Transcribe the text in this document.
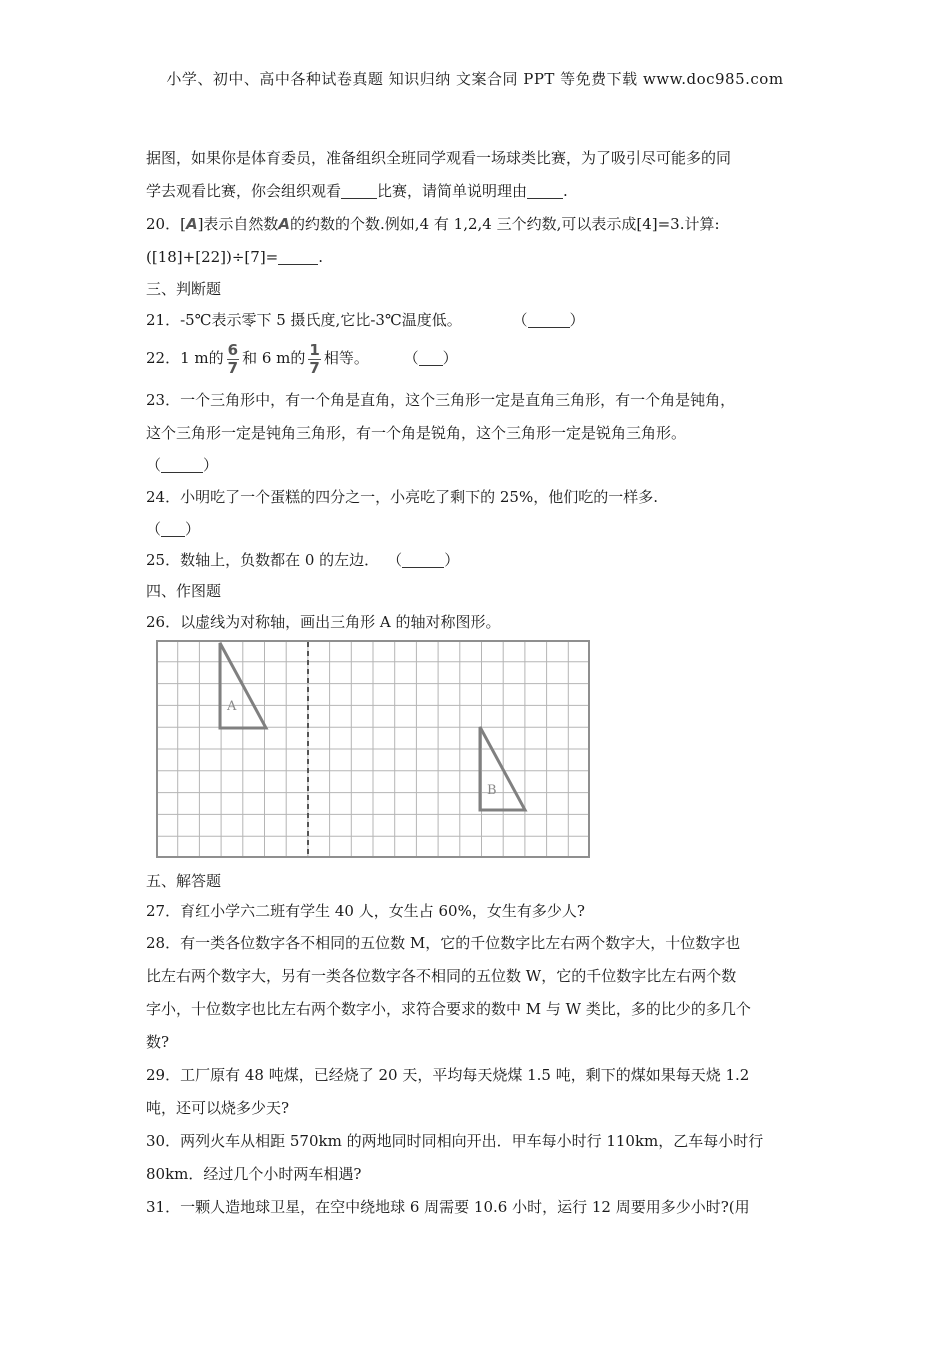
小学、初中、高中各种试卷真题 知识归纳 文案合同 PPT 等免费下载 www.doc985.com
据图，如果你是体育委员，准备组织全班同学观看一场球类比赛，为了吸引尽可能多的同
学去观看比赛，你会组织观看 比赛，请简单说明理由 .
20．[A]表示自然数A的约数的个数.例如,4 有 1,2,4 三个约数,可以表示成[4]=3.计算:
([18]+[22])÷[7]=	.
三、判断题
21．-5℃表示零下 5 摄氏度,它比-3℃温度低。	（	）
22．1 m的 $\frac{6}{7}$ 和 6 m的 $\frac{1}{7}$ 相等。 （ ）
23．一个三角形中，有一个角是直角，这个三角形一定是直角三角形，有一个角是钝角，
这个三角形一定是钝角三角形，有一个角是锐角，这个三角形一定是锐角三角形。
（	）
24．小明吃了一个蛋糕的四分之一，小亮吃了剩下的 25%，他们吃的一样多.
（ ）
25．数轴上，负数都在 0 的左边． （	）
四、作图题
26．以虚线为对称轴，画出三角形 A 的轴对称图形。
A
B
五、解答题
27．育红小学六二班有学生 40 人，女生占 60%，女生有多少人?
28．有一类各位数字各不相同的五位数 M，它的千位数字比左右两个数字大，十位数字也
比左右两个数字大，另有一类各位数字各不相同的五位数 W，它的千位数字比左右两个数
字小，十位数字也比左右两个数字小，求符合要求的数中 M 与 W 类比，多的比少的多几个
数?
29．工厂原有 48 吨煤，已经烧了 20 天，平均每天烧煤 1.5 吨，剩下的煤如果每天烧 1.2
吨，还可以烧多少天?
30．两列火车从相距 570km 的两地同时同相向开出．甲车每小时行 110km，乙车每小时行
80km．经过几个小时两车相遇?
31．一颗人造地球卫星，在空中绕地球 6 周需要 10.6 小时，运行 12 周要用多少小时?(用
